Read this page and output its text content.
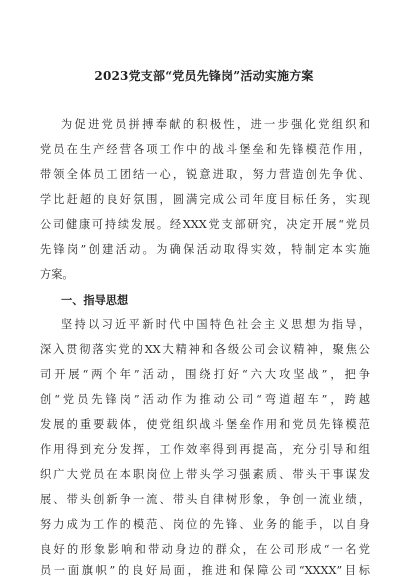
2023党支部“党员先锋岗”活动实施方案
为促进党员拼搏奉献的积极性，进一步强化党组织和
党员在生产经营各项工作中的战斗堡垒和先锋模范作用，
带领全体员工团结一心，锐意进取，努力营造创先争优、
学比赶超的良好氛围，圆满完成公司年度目标任务，实现
公司健康可持续发展。经XXX党支部研究，决定开展“党员
先锋岗”创建活动。为确保活动取得实效，特制定本实施
方案。
一、指导思想
坚持以习近平新时代中国特色社会主义思想为指导，
深入贯彻落实党的XX大精神和各级公司会议精神，聚焦公
司开展“两个年”活动，围绕打好“六大攻坚战”，把争
创“党员先锋岗”活动作为推动公司“弯道超车”，跨越
发展的重要载体，使党组织战斗堡垒作用和党员先锋模范
作用得到充分发挥，工作效率得到再提高，充分引导和组
织广大党员在本职岗位上带头学习强素质、带头干事谋发
展、带头创新争一流、带头自律树形象，争创一流业绩，
努力成为工作的模范、岗位的先锋、业务的能手，以自身
良好的形象影响和带动身边的群众，在公司形成“一名党
员一面旗帜”的良好局面，推进和保障公司“XXXX”目标
